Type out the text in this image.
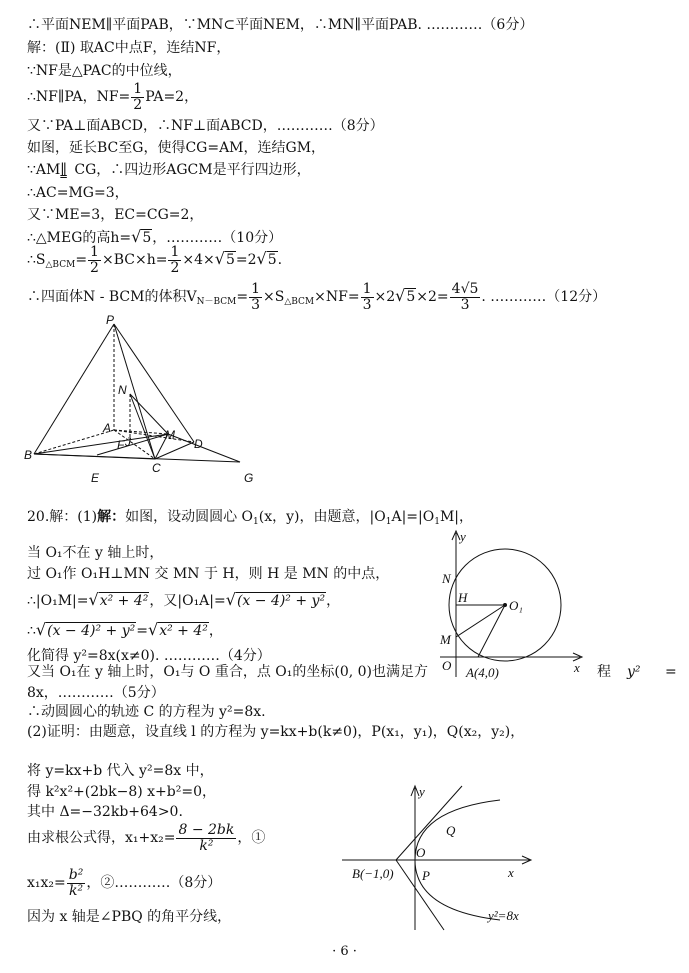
∴平面NEM∥平面PAB，∵MN⊂平面NEM，∴MN∥平面PAB. …………（6分）
解：(Ⅱ) 取AC中点F，连结NF，
∵NF是△PAC的中位线，
∴NF∥PA，$NF= \frac{1}{2} PA=2$，
又∵PA⊥面ABCD，∴NF⊥面ABCD，…………（8分）
如图，延长BC至G，使得CG=AM，连结GM，
∵AM∥ CG，∴四边形AGCM是平行四边形，
∴AC=MG=3，
又∵ME=3，EC=CG=2，
∴△MEG的高h=√5，…………（10分）
$\therefore S_{\triangle BCM}= \frac{1}{2} \times BC\times h= \frac{1}{2} \times 4\times√5=2√5$.
∴四面体N - BCM的体积$V_{N-BCM}= \frac{1}{3} \times S_{\triangle BCM}\times NF= \frac{1}{3} \times 2√5\times 2= \frac{4√5}{3}$ . …………（12分）
P
N
A
F J	M
D
B
E
C
G
20.解：(1)解：如图，设动圆圆心 $O_1(x$，y)，由题意，$|O_1A|=|O_1M|$，
当 O₁不在 y 轴上时，
过 O₁作 O₁H⊥MN 交 MN 于 H，则 H 是 MN 的中点，
∴|O₁M|=√x² + 4²，又|O₁A|=√(x − 4)² + y²，
∴√(x − 4)² + y²=√x² + 4²，
化简得 y²=8x(x≠0). …………（4分）
又当 O₁在 y 轴上时，O₁与 O 重合，点 O₁的坐标(0, 0)也满足方	程 y² =
8x，…………（5分）
∴动圆圆心的轨迹 C 的方程为 y²=8x.
(2)证明：由题意，设直线 l 的方程为 y=kx+b(k≠0)，P(x₁，y₁)，Q(x₂，y₂)，
y
x
N
H
O₁
M
O A(4,0)
将 y=kx+b 代入 y²=8x 中，
得 k²x²+(2bk−8) x+b²=0，
其中 Δ=−32kb+64>0.
由求根公式得，$x_1+x_2= \frac{8 - 2bk}{\text{k²}}$ ，①
$x_1x_2= \frac{\text{b²}}{\text{k²}}$ ，②…………（8分）
因为 x 轴是∠PBQ 的角平分线，
y
x
Q
O
P
B(−1,0)
y²=8x
· 6 ·
